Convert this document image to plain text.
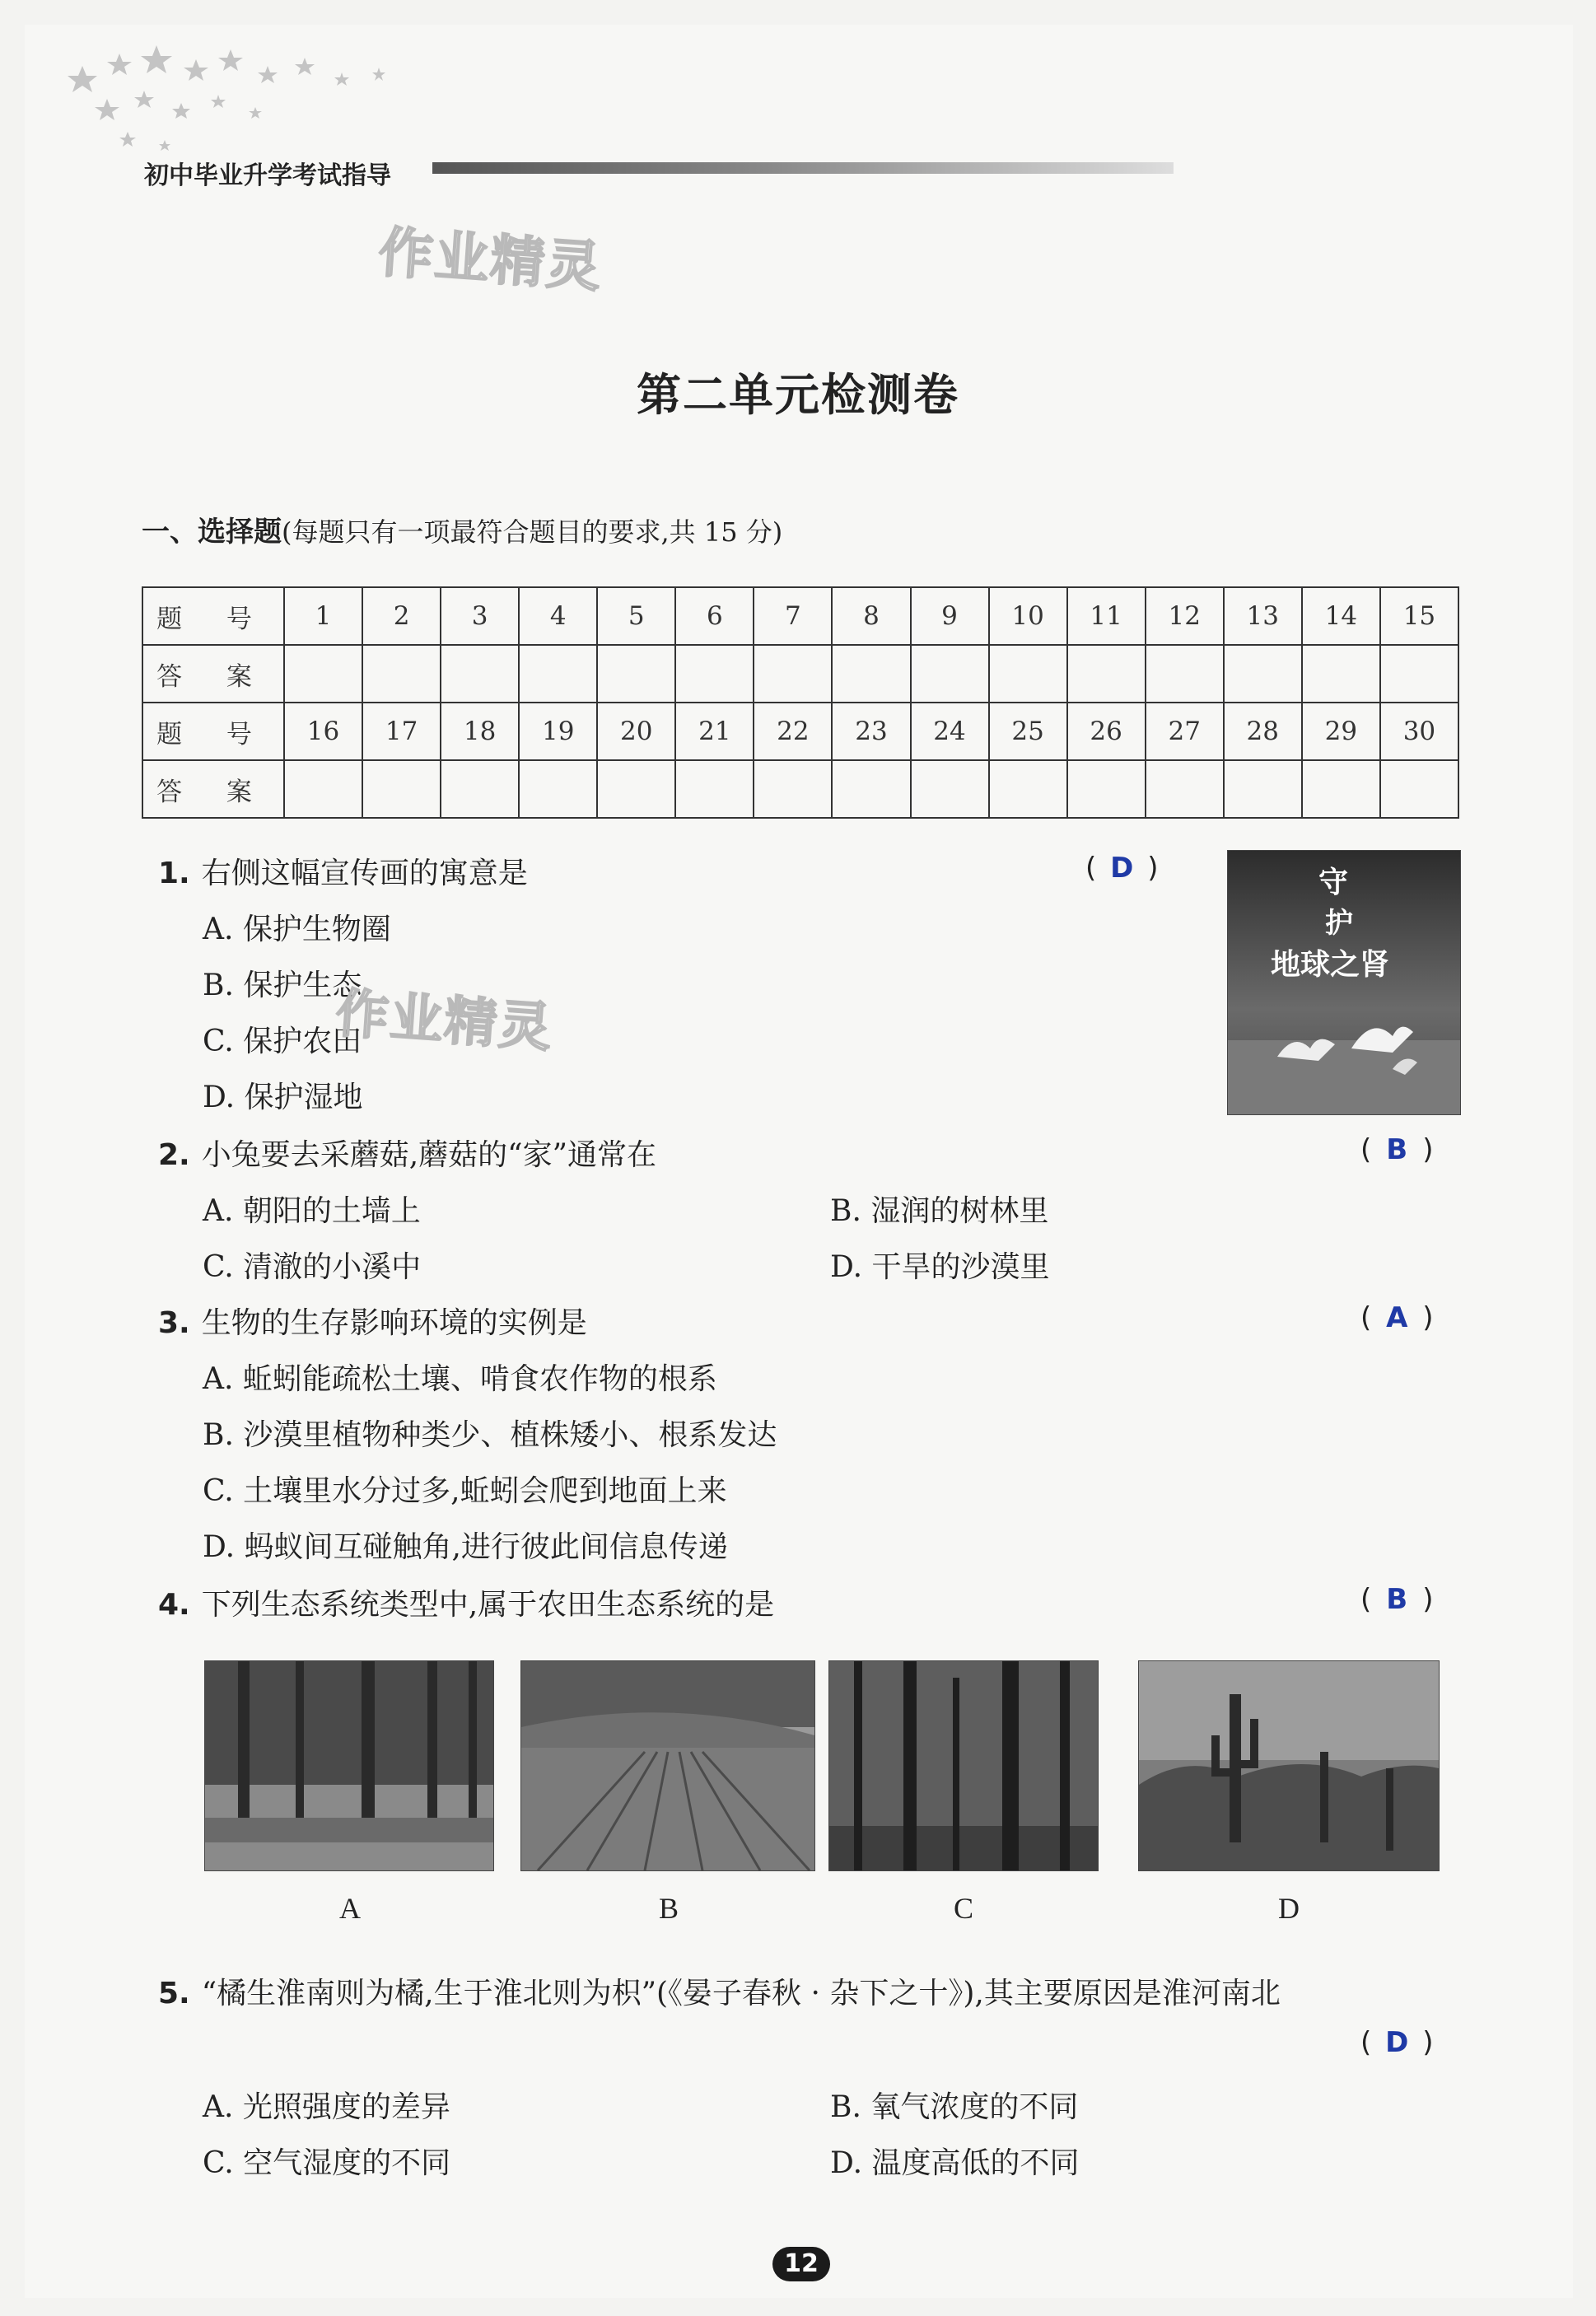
初中毕业升学考试指导
作业精灵
第二单元检测卷
一、选择题(每题只有一项最符合题目的要求,共 15 分)
题 号	1	2	3	4	5	6	7	8	9	10	11	12	13	14	15
答 案															
题 号	16	17	18	19	20	21	22	23	24	25	26	27	28	29	30
答 案															
1. 右侧这幅宣传画的寓意是	( D )
A. 保护生物圈
B. 保护生态
C. 保护农田
D. 保护湿地
作业精灵
守
护
地球之肾
2. 小兔要去采蘑菇,蘑菇的“家”通常在	( B )
A. 朝阳的土墙上	B. 湿润的树林里
C. 清澈的小溪中	D. 干旱的沙漠里
3. 生物的生存影响环境的实例是	( A )
A. 蚯蚓能疏松土壤、啃食农作物的根系
B. 沙漠里植物种类少、植株矮小、根系发达
C. 土壤里水分过多,蚯蚓会爬到地面上来
D. 蚂蚁间互碰触角,进行彼此间信息传递
4. 下列生态系统类型中,属于农田生态系统的是	( B )
A	B	C	D
5. “橘生淮南则为橘,生于淮北则为枳”(《晏子春秋 · 杂下之十》),其主要原因是淮河南北
( D )
A. 光照强度的差异	B. 氧气浓度的不同
C. 空气湿度的不同	D. 温度高低的不同
12
